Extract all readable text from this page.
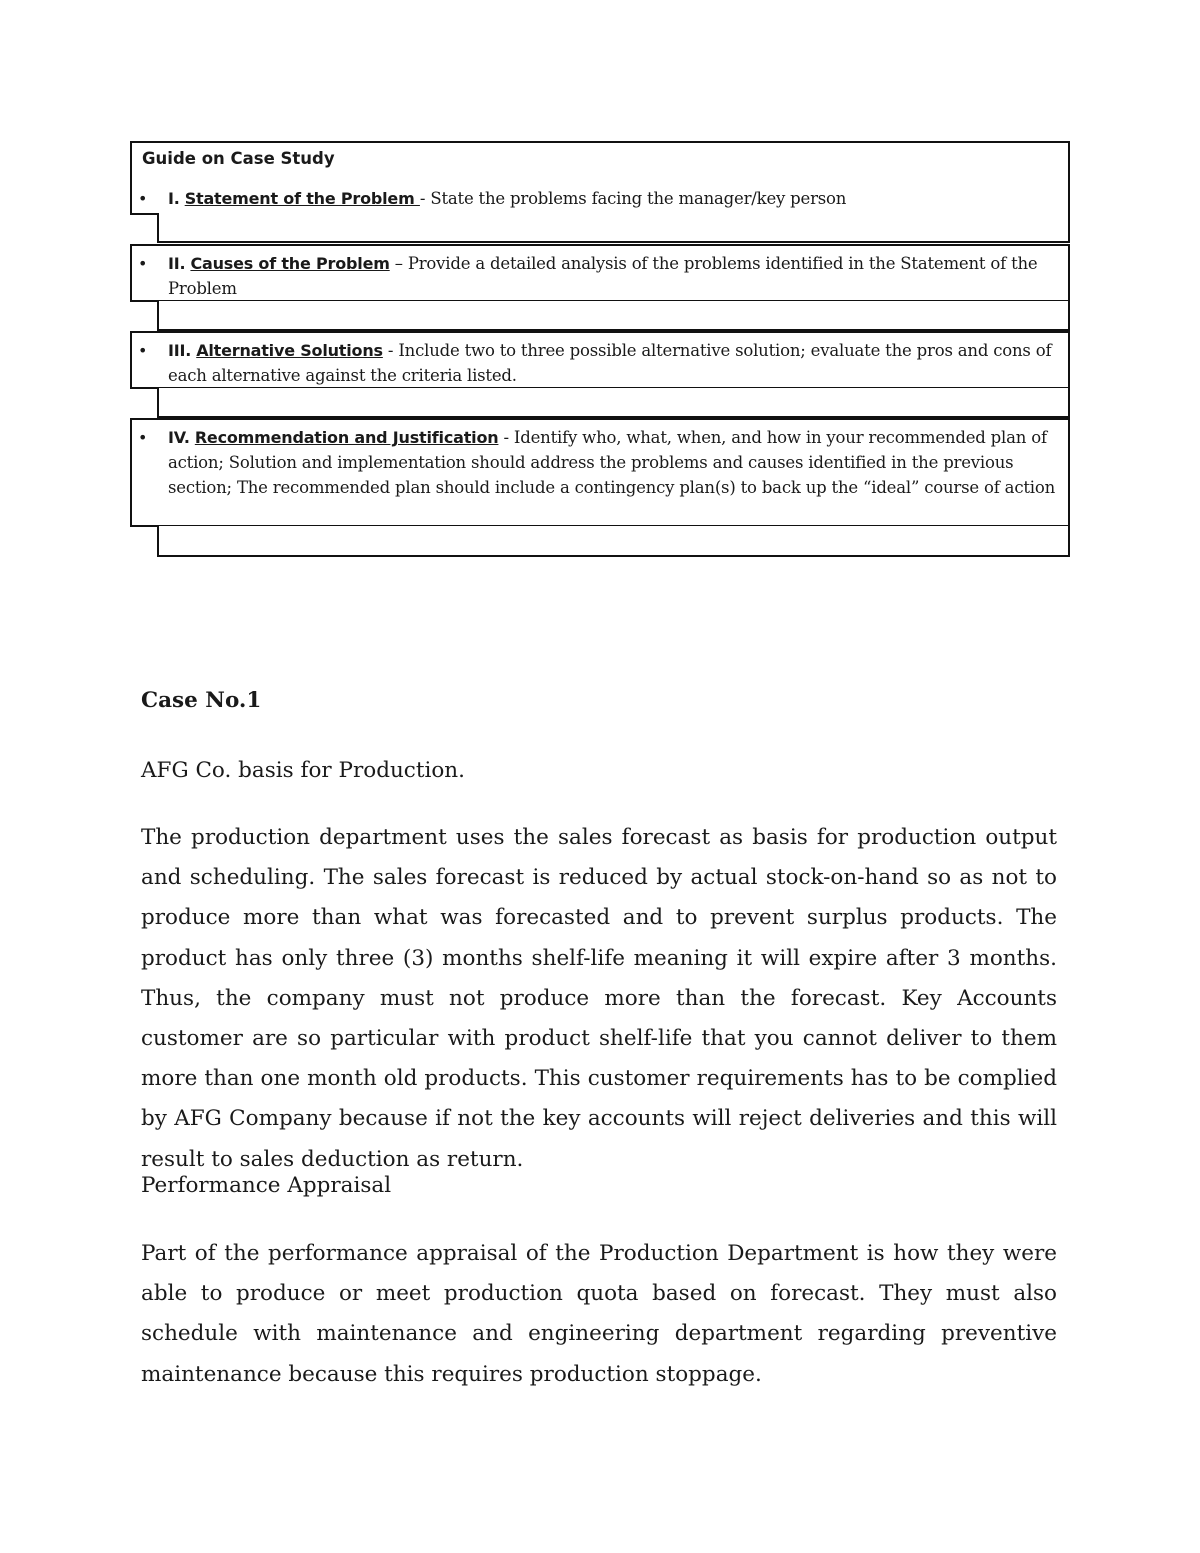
Guide on Case Study
• I. Statement of the Problem - State the problems facing the manager/key person
• II. Causes of the Problem – Provide a detailed analysis of the problems identified in the Statement of the Problem
• III. Alternative Solutions - Include two to three possible alternative solution; evaluate the pros and cons of each alternative against the criteria listed.
• IV. Recommendation and Justification - Identify who, what, when, and how in your recommended plan of action; Solution and implementation should address the problems and causes identified in the previous section; The recommended plan should include a contingency plan(s) to back up the “ideal” course of action
Case No.1
AFG Co. basis for Production.
The production department uses the sales forecast as basis for production output and scheduling. The sales forecast is reduced by actual stock-on-hand so as not to produce more than what was forecasted and to prevent surplus products. The product has only three (3) months shelf-life meaning it will expire after 3 months. Thus, the company must not produce more than the forecast. Key Accounts customer are so particular with product shelf-life that you cannot deliver to them more than one month old products. This customer requirements has to be complied by AFG Company because if not the key accounts will reject deliveries and this will result to sales deduction as return.
Performance Appraisal
Part of the performance appraisal of the Production Department is how they were able to produce or meet production quota based on forecast. They must also schedule with maintenance and engineering department regarding preventive maintenance because this requires production stoppage.
